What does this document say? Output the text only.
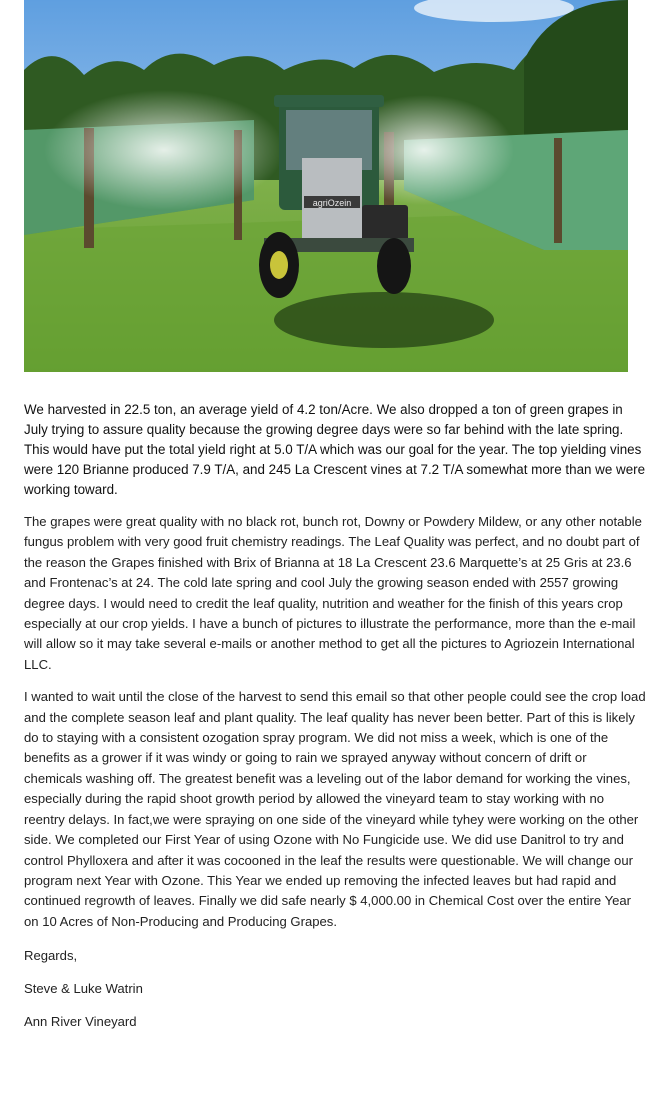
agriOzein

We harvested in 22.5 ton, an average yield of 4.2 ton/Acre. We also dropped a ton of green grapes in July trying to assure quality because the growing degree days were so far behind with the late spring. This would have put the total yield right at 5.0 T/A which was our goal for the year. The top yielding vines were 120 Brianne produced 7.9 T/A, and 245 La Crescent vines at 7.2 T/A somewhat more than we were working toward.

The grapes were great quality with no black rot, bunch rot, Downy or Powdery Mildew, or any other notable fungus problem with very good fruit chemistry readings. The Leaf Quality was perfect, and no doubt part of the reason the Grapes finished with Brix of Brianna at 18 La Crescent 23.6 Marquette’s at 25 Gris at 23.6 and Frontenac’s at 24. The cold late spring and cool July the growing season ended with 2557 growing degree days. I would need to credit the leaf quality, nutrition and weather for the finish of this years crop especially at our crop yields. I have a bunch of pictures to illustrate the performance, more than the e-mail will allow so it may take several e-mails or another method to get all the pictures to Agriozein International LLC.

I wanted to wait until the close of the harvest to send this email so that other people could see the crop load and the complete season leaf and plant quality. The leaf quality has never been better. Part of this is likely do to staying with a consistent ozogation spray program. We did not miss a week, which is one of the benefits as a grower if it was windy or going to rain we sprayed anyway without concern of drift or chemicals washing off. The greatest benefit was a leveling out of the labor demand for working the vines, especially during the rapid shoot growth period by allowed the vineyard team to stay working with no reentry delays. In fact,we were spraying on one side of the vineyard while tyhey were working on the other side. We completed our First Year of using Ozone with No Fungicide use. We did use Danitrol to try and control Phylloxera and after it was cocooned in the leaf the results were questionable. We will change our program next Year with Ozone. This Year we ended up removing the infected leaves but had rapid and continued regrowth of leaves. Finally we did safe nearly $ 4,000.00 in Chemical Cost over the entire Year on 10 Acres of Non-Producing and Producing Grapes.

Regards,

Steve & Luke Watrin

Ann River Vineyard
